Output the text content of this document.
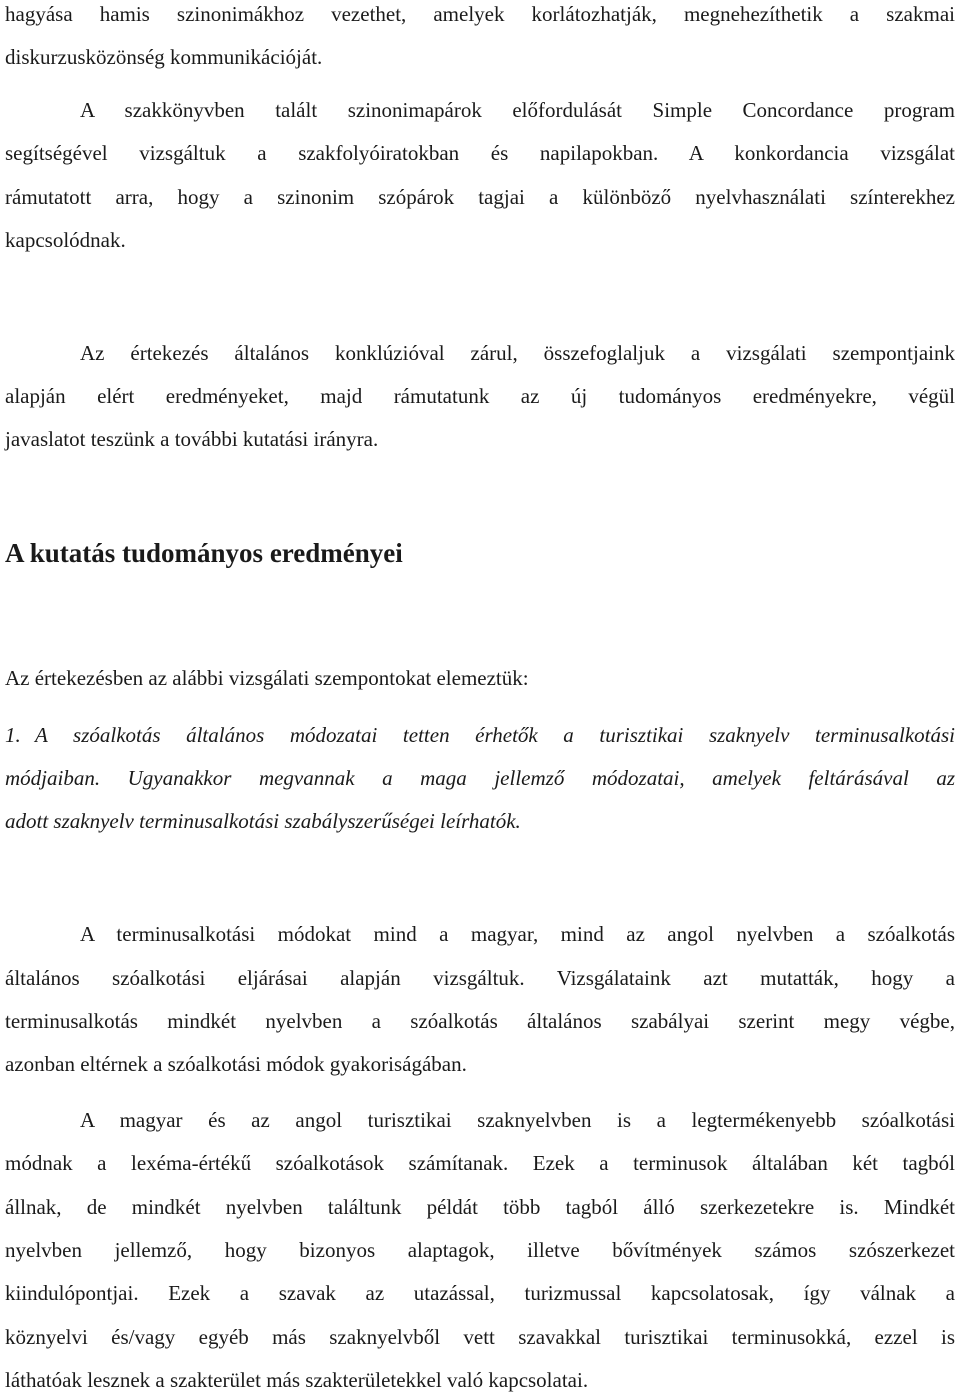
hagyása hamis szinonimákhoz vezethet, amelyek korlátozhatják, megnehezíthetik a szakmai
diskurzusközönség kommunikációját.
A szakkönyvben talált szinonimapárok előfordulását Simple Concordance program
segítségével vizsgáltuk a szakfolyóiratokban és napilapokban. A konkordancia vizsgálat
rámutatott arra, hogy a szinonim szópárok tagjai a különböző nyelvhasználati színterekhez
kapcsolódnak.
Az értekezés általános konklúzióval zárul, összefoglaljuk a vizsgálati szempontjaink
alapján elért eredményeket, majd rámutatunk az új tudományos eredményekre, végül
javaslatot teszünk a további kutatási irányra.
A kutatás tudományos eredményei
Az értekezésben az alábbi vizsgálati szempontokat elemeztük:
1. A szóalkotás általános módozatai tetten érhetők a turisztikai szaknyelv terminusalkotási
módjaiban. Ugyanakkor megvannak a maga jellemző módozatai, amelyek feltárásával az
adott szaknyelv terminusalkotási szabályszerűségei leírhatók.
A terminusalkotási módokat mind a magyar, mind az angol nyelvben a szóalkotás
általános szóalkotási eljárásai alapján vizsgáltuk. Vizsgálataink azt mutatták, hogy a
terminusalkotás mindkét nyelvben a szóalkotás általános szabályai szerint megy végbe,
azonban eltérnek a szóalkotási módok gyakoriságában.
A magyar és az angol turisztikai szaknyelvben is a legtermékenyebb szóalkotási
módnak a lexéma-értékű szóalkotások számítanak. Ezek a terminusok általában két tagból
állnak, de mindkét nyelvben találtunk példát több tagból álló szerkezetekre is. Mindkét
nyelvben jellemző, hogy bizonyos alaptagok, illetve bővítmények számos szószerkezet
kiindulópontjai. Ezek a szavak az utazással, turizmussal kapcsolatosak, így válnak a
köznyelvi és/vagy egyéb más szaknyelvből vett szavakkal turisztikai terminusokká, ezzel is
láthatóak lesznek a szakterület más szakterületekkel való kapcsolatai.
